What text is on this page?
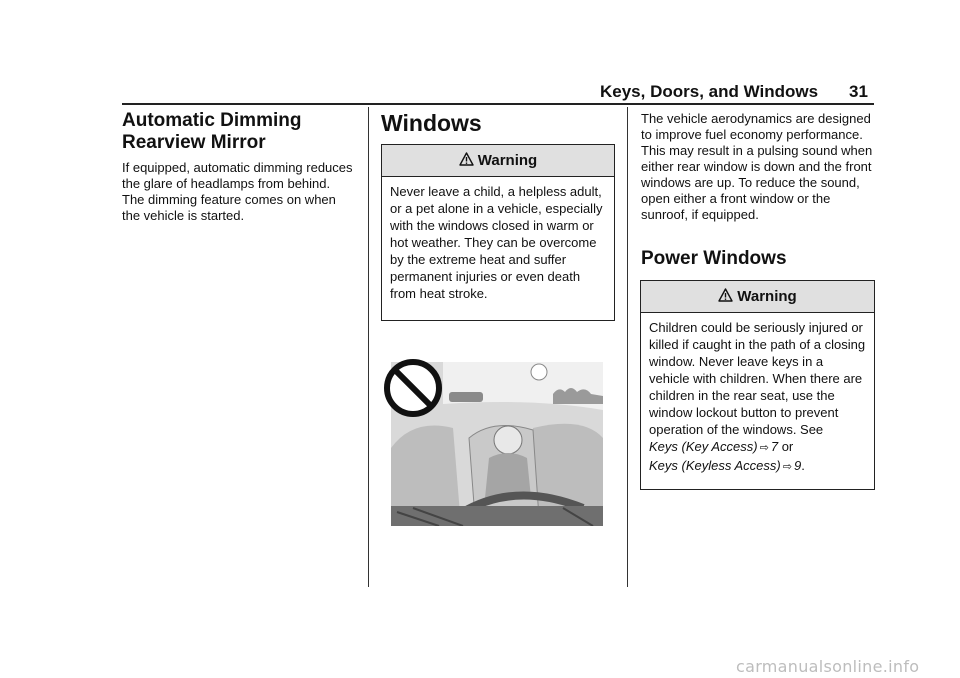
Keys, Doors, and Windows 31
Automatic Dimming Rearview Mirror
If equipped, automatic dimming reduces the glare of headlamps from behind. The dimming feature comes on when the vehicle is started.
Windows
Warning
Never leave a child, a helpless adult, or a pet alone in a vehicle, especially with the windows closed in warm or hot weather. They can be overcome by the extreme heat and suffer permanent injuries or even death from heat stroke.
The vehicle aerodynamics are designed to improve fuel economy performance. This may result in a pulsing sound when either rear window is down and the front windows are up. To reduce the sound, open either a front window or the sunroof, if equipped.
Power Windows
Warning
Children could be seriously injured or killed if caught in the path of a closing window. Never leave keys in a vehicle with children. When there are children in the rear seat, use the window lockout button to prevent operation of the windows. See
Keys (Key Access) ⇨ 7 or
Keys (Keyless Access) ⇨ 9.
carmanualsonline.info
